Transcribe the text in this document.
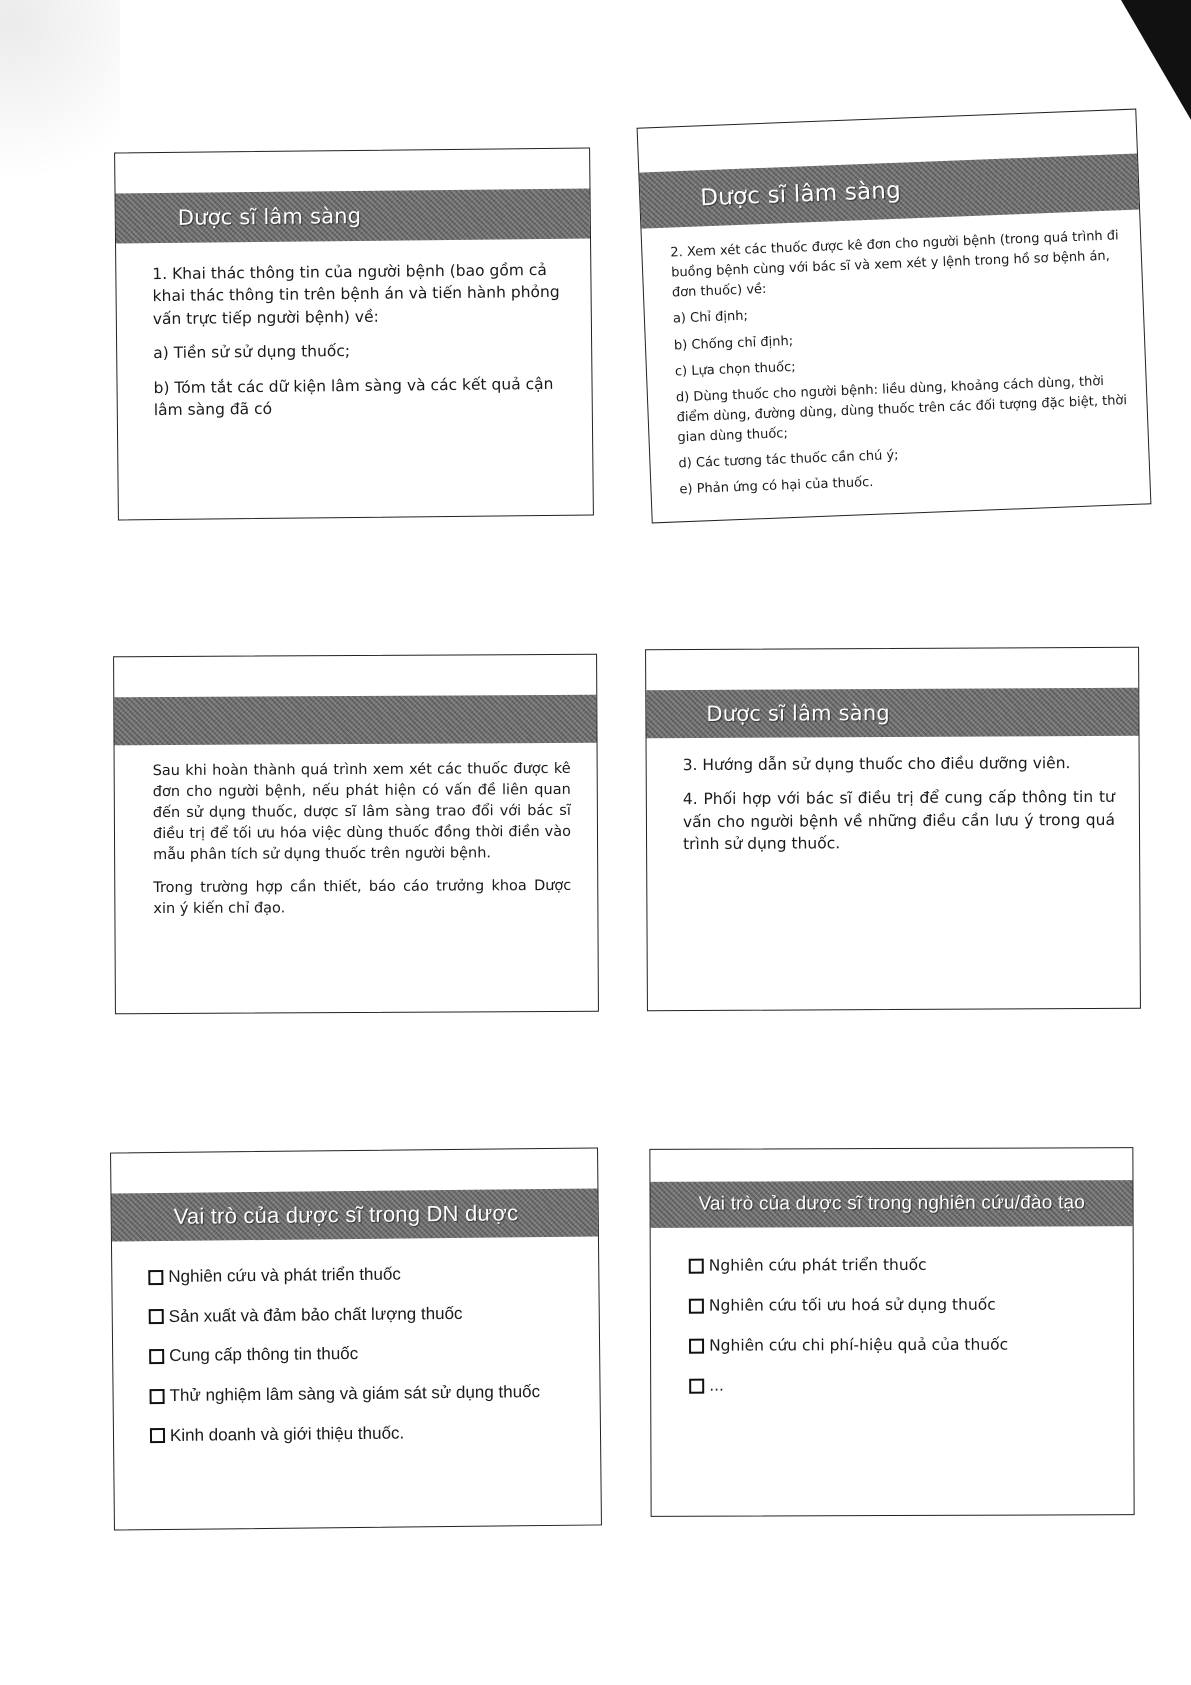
Dược sĩ lâm sàng

1. Khai thác thông tin của người bệnh (bao gồm cả khai thác thông tin trên bệnh án và tiến hành phỏng vấn trực tiếp người bệnh) về:

a) Tiền sử sử dụng thuốc;

b) Tóm tắt các dữ kiện lâm sàng và các kết quả cận lâm sàng đã có

Dược sĩ lâm sàng

2. Xem xét các thuốc được kê đơn cho người bệnh (trong quá trình đi buồng bệnh cùng với bác sĩ và xem xét y lệnh trong hồ sơ bệnh án, đơn thuốc) về:

a) Chỉ định;

b) Chống chỉ định;

c) Lựa chọn thuốc;

d) Dùng thuốc cho người bệnh: liều dùng, khoảng cách dùng, thời điểm dùng, đường dùng, dùng thuốc trên các đối tượng đặc biệt, thời gian dùng thuốc;

d) Các tương tác thuốc cần chú ý;

e) Phản ứng có hại của thuốc.

Sau khi hoàn thành quá trình xem xét các thuốc được kê đơn cho người bệnh, nếu phát hiện có vấn đề liên quan đến sử dụng thuốc, dược sĩ lâm sàng trao đổi với bác sĩ điều trị để tối ưu hóa việc dùng thuốc đồng thời điền vào mẫu phân tích sử dụng thuốc trên người bệnh.

Trong trường hợp cần thiết, báo cáo trưởng khoa Dược xin ý kiến chỉ đạo.

Dược sĩ lâm sàng

3. Hướng dẫn sử dụng thuốc cho điều dưỡng viên.

4. Phối hợp với bác sĩ điều trị để cung cấp thông tin tư vấn cho người bệnh về những điều cần lưu ý trong quá trình sử dụng thuốc.

Vai trò của dược sĩ trong DN dược
Nghiên cứu và phát triển thuốc
Sản xuất và đảm bảo chất lượng thuốc
Cung cấp thông tin thuốc
Thử nghiệm lâm sàng và giám sát sử dụng thuốc
Kinh doanh và giới thiệu thuốc.
Vai trò của dược sĩ trong nghiên cứu/đào tạo
Nghiên cứu phát triển thuốc
Nghiên cứu tối ưu hoá sử dụng thuốc
Nghiên cứu chi phí-hiệu quả của thuốc
...
